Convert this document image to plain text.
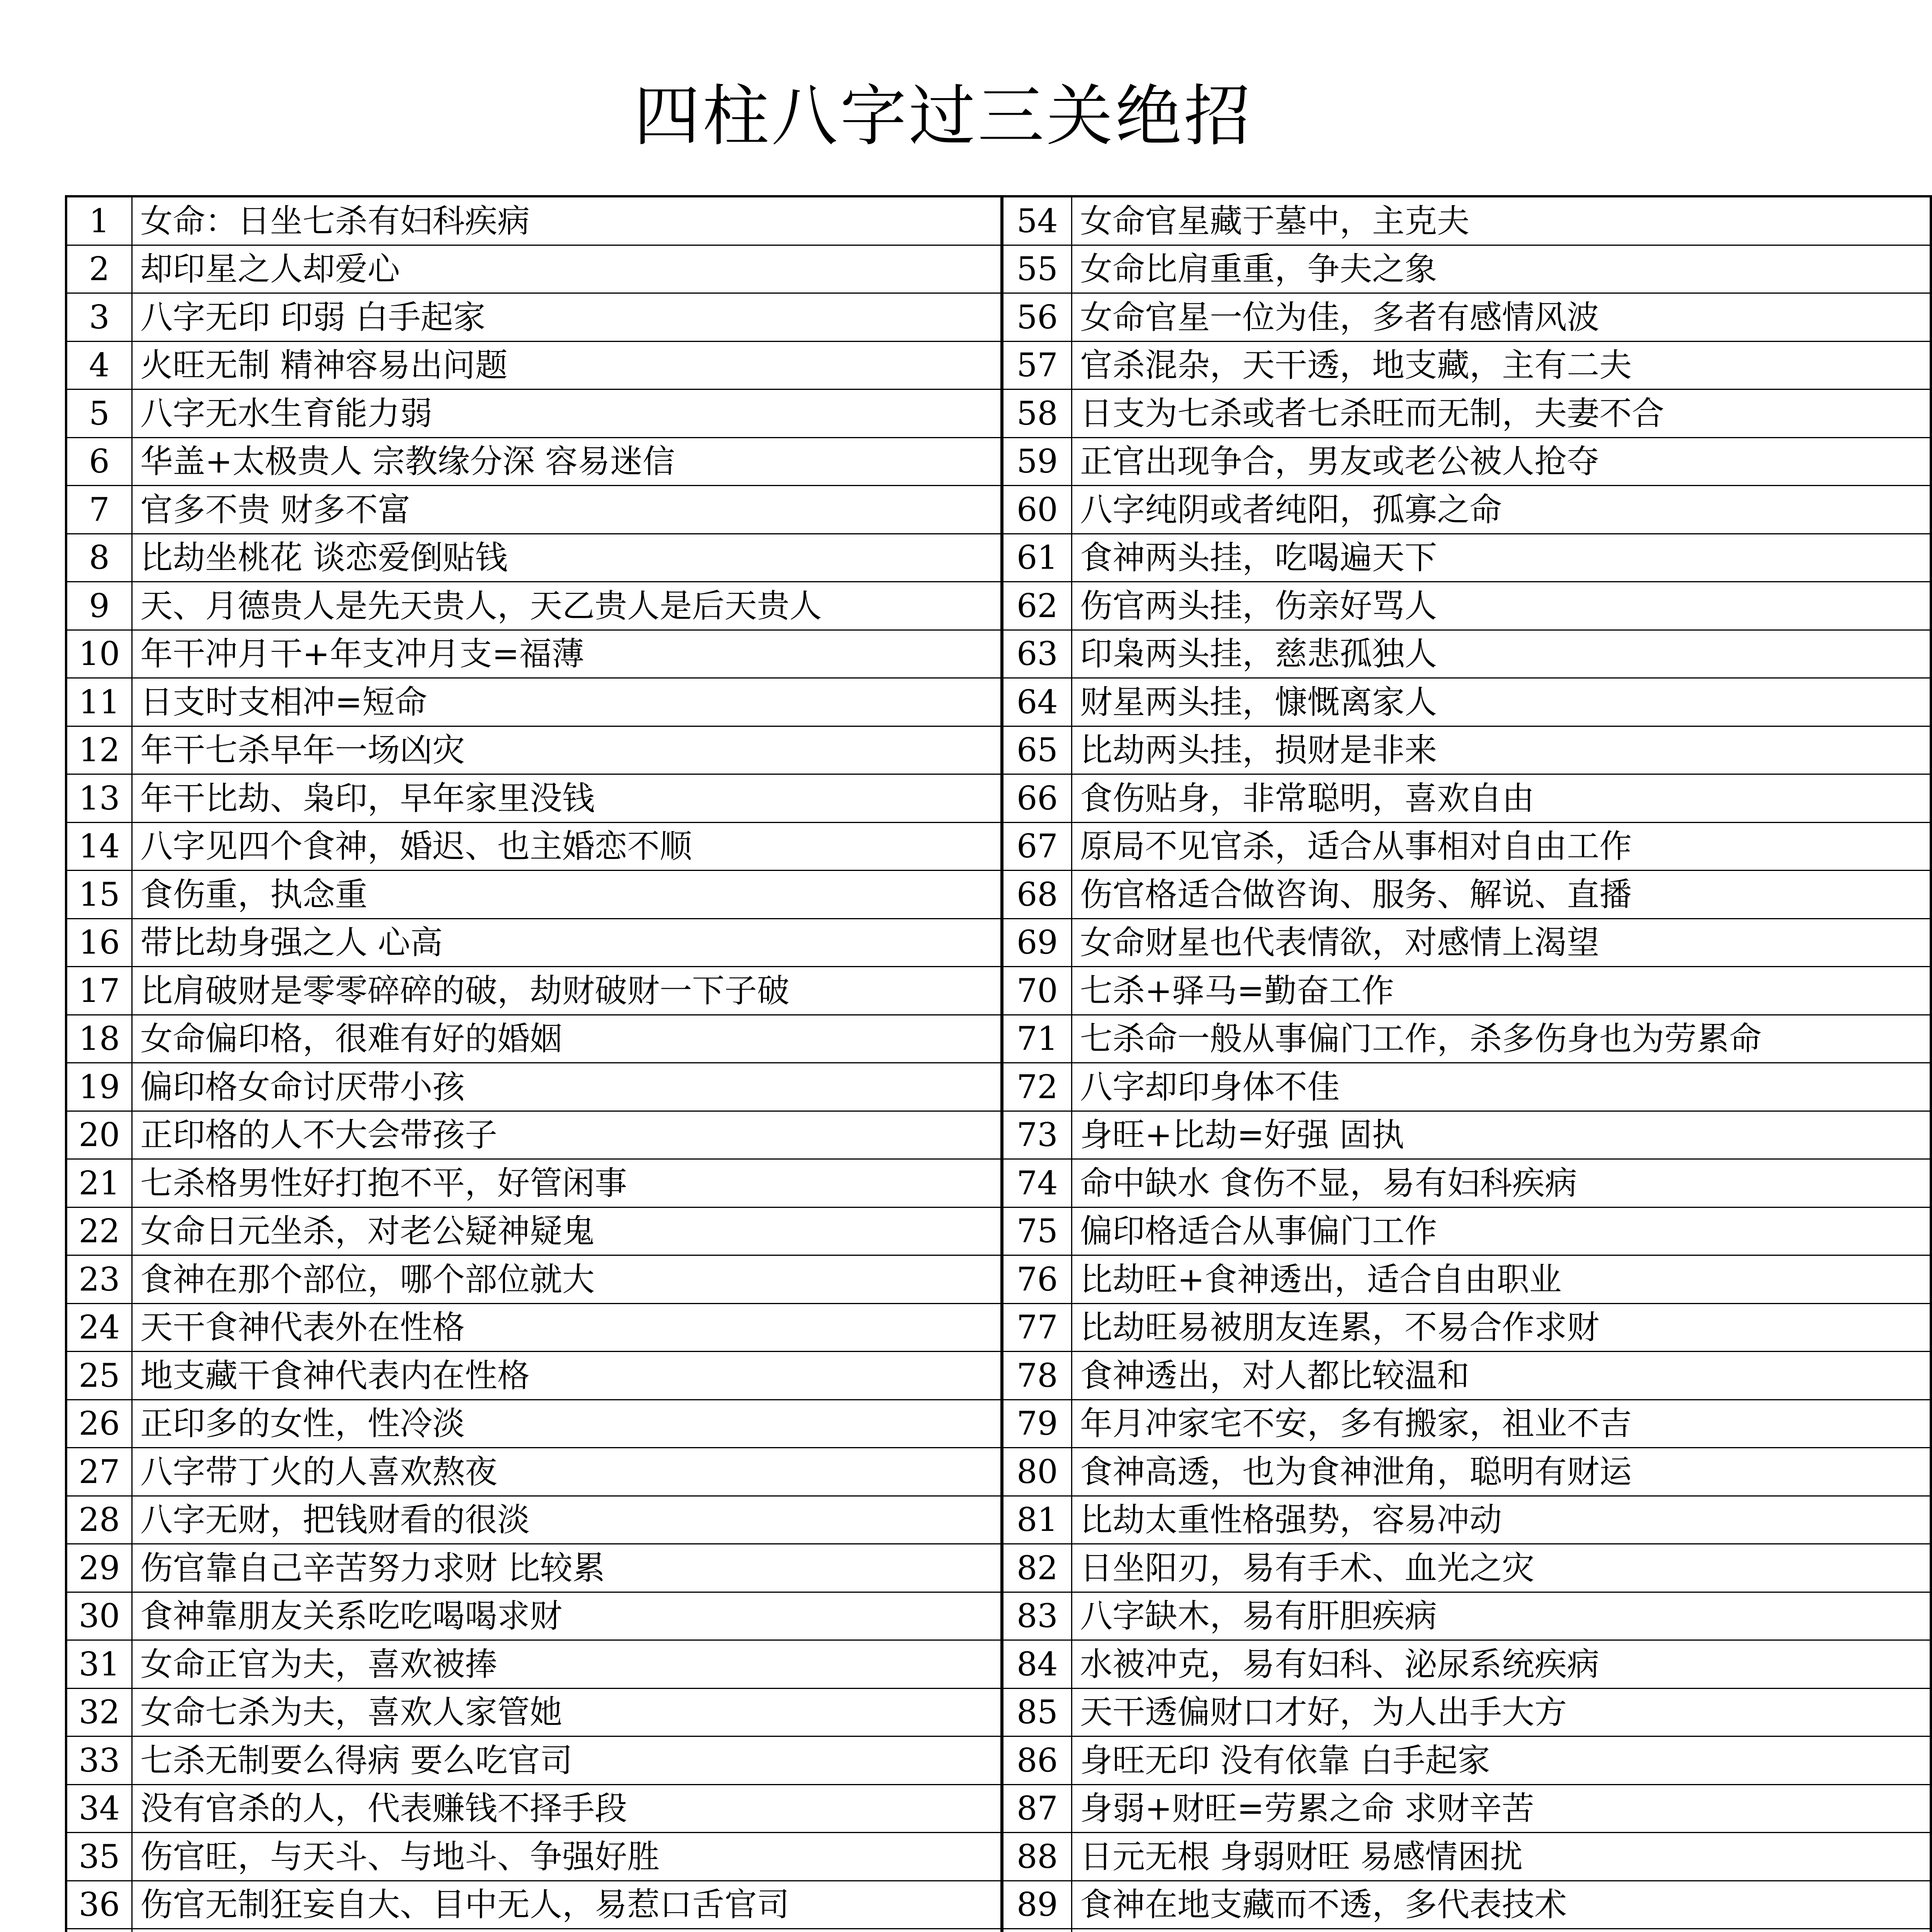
四柱八字过三关绝招
1	女命：日坐七杀有妇科疾病	54	女命官星藏于墓中，主克夫
2	却印星之人却爱心	55	女命比肩重重，争夫之象
3	八字无印 印弱 白手起家	56	女命官星一位为佳，多者有感情风波
4	火旺无制 精神容易出问题	57	官杀混杂，天干透，地支藏，主有二夫
5	八字无水生育能力弱	58	日支为七杀或者七杀旺而无制，夫妻不合
6	华盖+太极贵人 宗教缘分深 容易迷信	59	正官出现争合，男友或老公被人抢夺
7	官多不贵 财多不富	60	八字纯阴或者纯阳，孤寡之命
8	比劫坐桃花 谈恋爱倒贴钱	61	食神两头挂，吃喝遍天下
9	天、月德贵人是先天贵人，天乙贵人是后天贵人	62	伤官两头挂，伤亲好骂人
10	年干冲月干+年支冲月支=福薄	63	印枭两头挂，慈悲孤独人
11	日支时支相冲=短命	64	财星两头挂，慷慨离家人
12	年干七杀早年一场凶灾	65	比劫两头挂，损财是非来
13	年干比劫、枭印，早年家里没钱	66	食伤贴身，非常聪明，喜欢自由
14	八字见四个食神，婚迟、也主婚恋不顺	67	原局不见官杀，适合从事相对自由工作
15	食伤重，执念重	68	伤官格适合做咨询、服务、解说、直播
16	带比劫身强之人 心高	69	女命财星也代表情欲，对感情上渴望
17	比肩破财是零零碎碎的破，劫财破财一下子破	70	七杀+驿马=勤奋工作
18	女命偏印格，很难有好的婚姻	71	七杀命一般从事偏门工作，杀多伤身也为劳累命
19	偏印格女命讨厌带小孩	72	八字却印身体不佳
20	正印格的人不大会带孩子	73	身旺+比劫=好强 固执
21	七杀格男性好打抱不平，好管闲事	74	命中缺水 食伤不显，易有妇科疾病
22	女命日元坐杀，对老公疑神疑鬼	75	偏印格适合从事偏门工作
23	食神在那个部位，哪个部位就大	76	比劫旺+食神透出，适合自由职业
24	天干食神代表外在性格	77	比劫旺易被朋友连累，不易合作求财
25	地支藏干食神代表内在性格	78	食神透出，对人都比较温和
26	正印多的女性，性冷淡	79	年月冲家宅不安，多有搬家，祖业不吉
27	八字带丁火的人喜欢熬夜	80	食神高透，也为食神泄角，聪明有财运
28	八字无财，把钱财看的很淡	81	比劫太重性格强势，容易冲动
29	伤官靠自己辛苦努力求财 比较累	82	日坐阳刃，易有手术、血光之灾
30	食神靠朋友关系吃吃喝喝求财	83	八字缺木，易有肝胆疾病
31	女命正官为夫，喜欢被捧	84	水被冲克，易有妇科、泌尿系统疾病
32	女命七杀为夫，喜欢人家管她	85	天干透偏财口才好，为人出手大方
33	七杀无制要么得病 要么吃官司	86	身旺无印 没有依靠 白手起家
34	没有官杀的人，代表赚钱不择手段	87	身弱+财旺=劳累之命 求财辛苦
35	伤官旺，与天斗、与地斗、争强好胜	88	日元无根 身弱财旺 易感情困扰
36	伤官无制狂妄自大、目中无人，易惹口舌官司	89	食神在地支藏而不透，多代表技术
